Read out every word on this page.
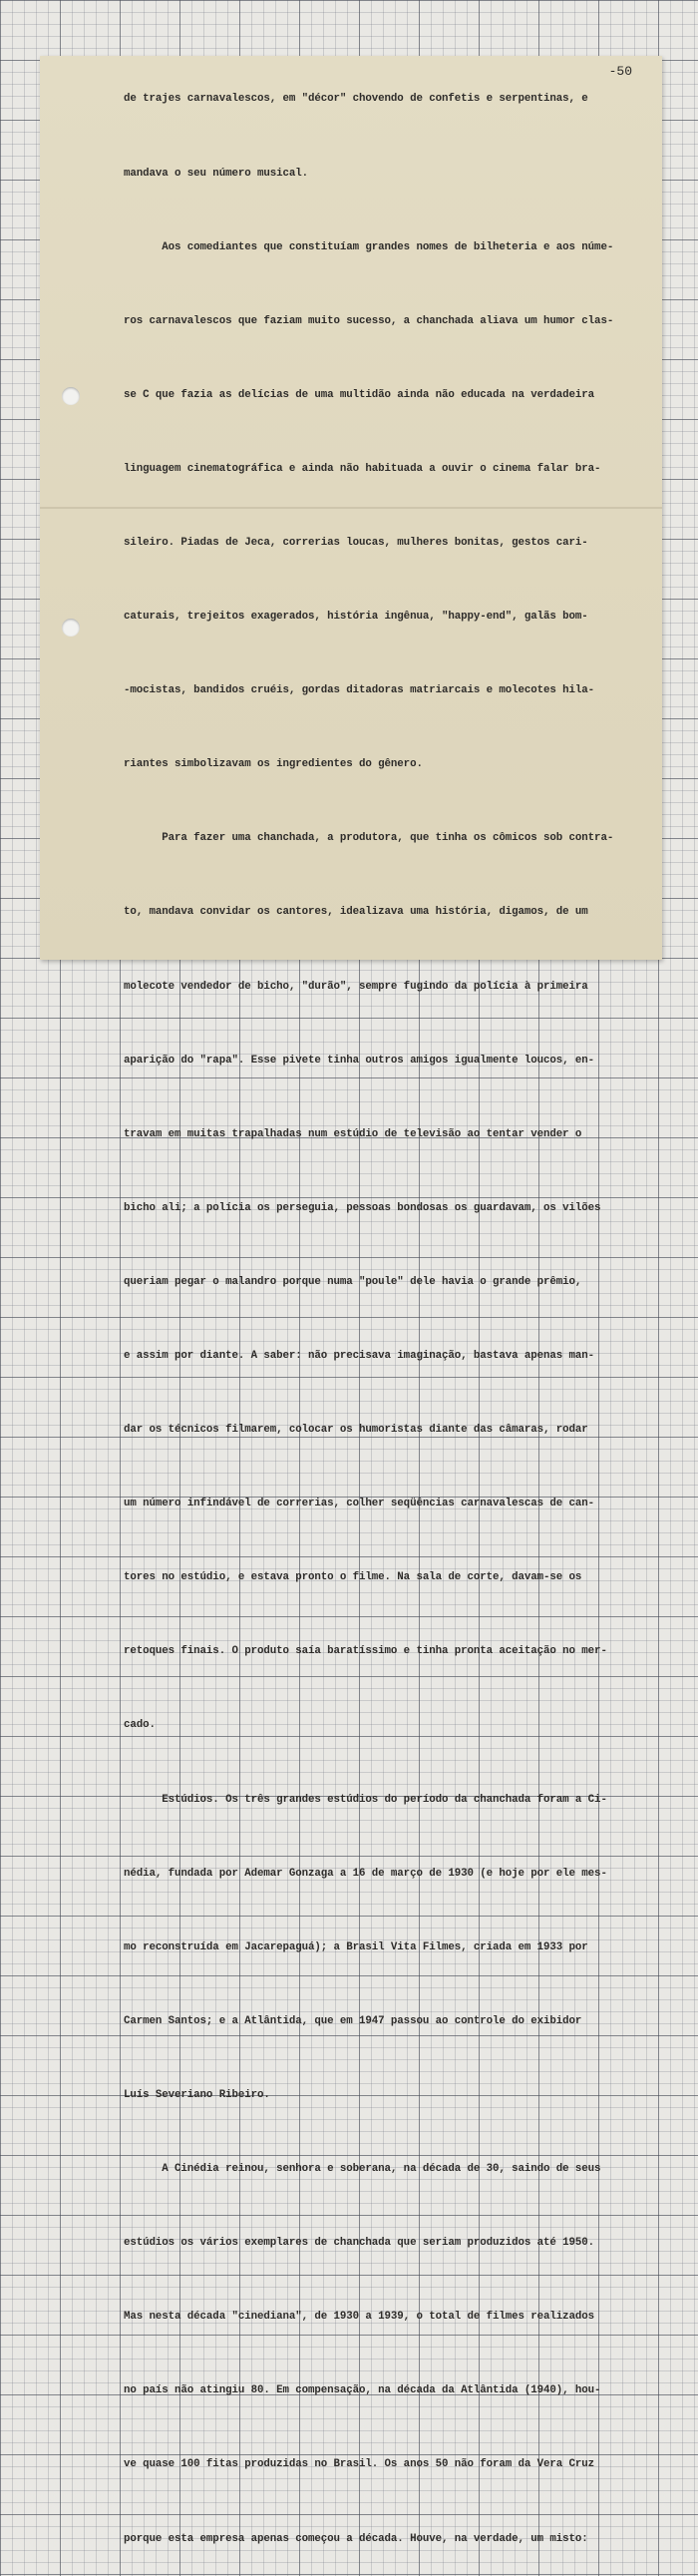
-50

de trajes carnavalescos, em "décor" chovendo de confetis e serpentinas, e

mandava o seu número musical.

Aos comediantes que constituíam grandes nomes de bilheteria e aos núme-

ros carnavalescos que faziam muito sucesso, a chanchada aliava um humor clas-

se C que fazia as delícias de uma multidão ainda não educada na verdadeira

linguagem cinematográfica e ainda não habituada a ouvir o cinema falar bra-

sileiro. Piadas de Jeca, correrias loucas, mulheres bonitas, gestos cari-

caturais, trejeitos exagerados, história ingênua, "happy-end", galãs bom-

-mocistas, bandidos cruéis, gordas ditadoras matriarcais e molecotes hila-

riantes simbolizavam os ingredientes do gênero.

Para fazer uma chanchada, a produtora, que tinha os cômicos sob contra-

to, mandava convidar os cantores, idealizava uma história, digamos, de um

molecote vendedor de bicho, "durão", sempre fugindo da polícia à primeira

aparição do "rapa". Esse pivete tinha outros amigos igualmente loucos, en-

travam em muitas trapalhadas num estúdio de televisão ao tentar vender o

bicho ali; a polícia os perseguia, pessoas bondosas os guardavam, os vilões

queriam pegar o malandro porque numa "poule" dele havia o grande prêmio,

e assim por diante. A saber: não precisava imaginação, bastava apenas man-

dar os técnicos filmarem, colocar os humoristas diante das câmaras, rodar

um número infindável de correrias, colher seqüências carnavalescas de can-

tores no estúdio, e estava pronto o filme. Na sala de corte, davam-se os

retoques finais. O produto saía baratíssimo e tinha pronta aceitação no mer-

cado.

Estúdios. Os três grandes estúdios do período da chanchada foram a Ci-

nédia, fundada por Ademar Gonzaga a 16 de março de 1930 (e hoje por ele mes-

mo reconstruída em Jacarepaguá); a Brasil Vita Filmes, criada em 1933 por

Carmen Santos; e a Atlântida, que em 1947 passou ao controle do exibidor

Luís Severiano Ribeiro.

A Cinédia reinou, senhora e soberana, na década de 30, saindo de seus

estúdios os vários exemplares de chanchada que seriam produzidos até 1950.

Mas nesta década "cinediana", de 1930 a 1939, o total de filmes realizados

no país não atingiu 80. Em compensação, na década da Atlântida (1940), hou-

ve quase 100 fitas produzidas no Brasil. Os anos 50 não foram da Vera Cruz

porque esta empresa apenas começou a década. Houve, na verdade, um misto:
